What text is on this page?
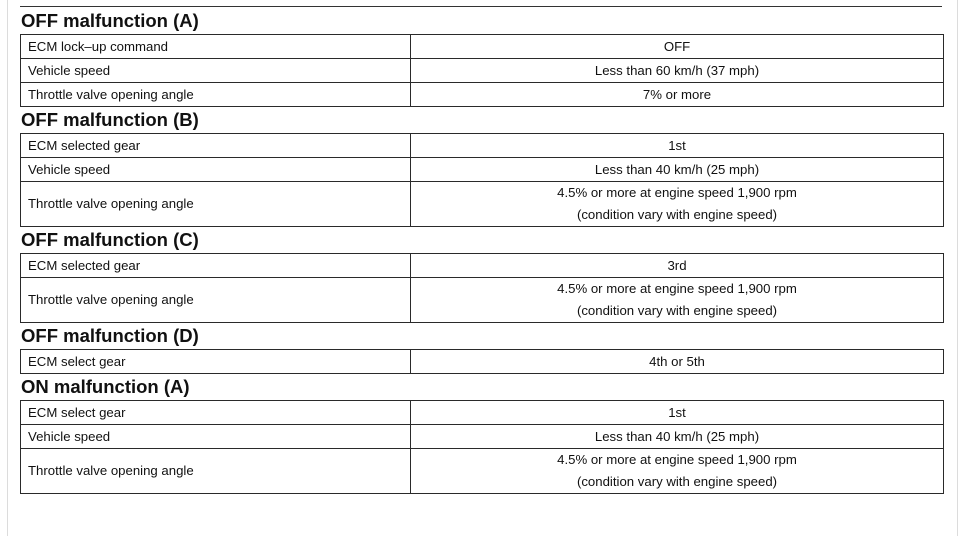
OFF malfunction (A)
ECM lock–up command	OFF

Vehicle speed	Less than 60 km/h (37 mph)

Throttle valve opening angle	7% or more
OFF malfunction (B)
ECM selected gear	1st

Vehicle speed	Less than 40 km/h (25 mph)

Throttle valve opening angle	4.5% or more at engine speed 1,900 rpm
(condition vary with engine speed)
OFF malfunction (C)
ECM selected gear	3rd

Throttle valve opening angle	4.5% or more at engine speed 1,900 rpm
(condition vary with engine speed)
OFF malfunction (D)
ECM select gear	4th or 5th
ON malfunction (A)
ECM select gear	1st

Vehicle speed	Less than 40 km/h (25 mph)

Throttle valve opening angle	4.5% or more at engine speed 1,900 rpm
(condition vary with engine speed)
